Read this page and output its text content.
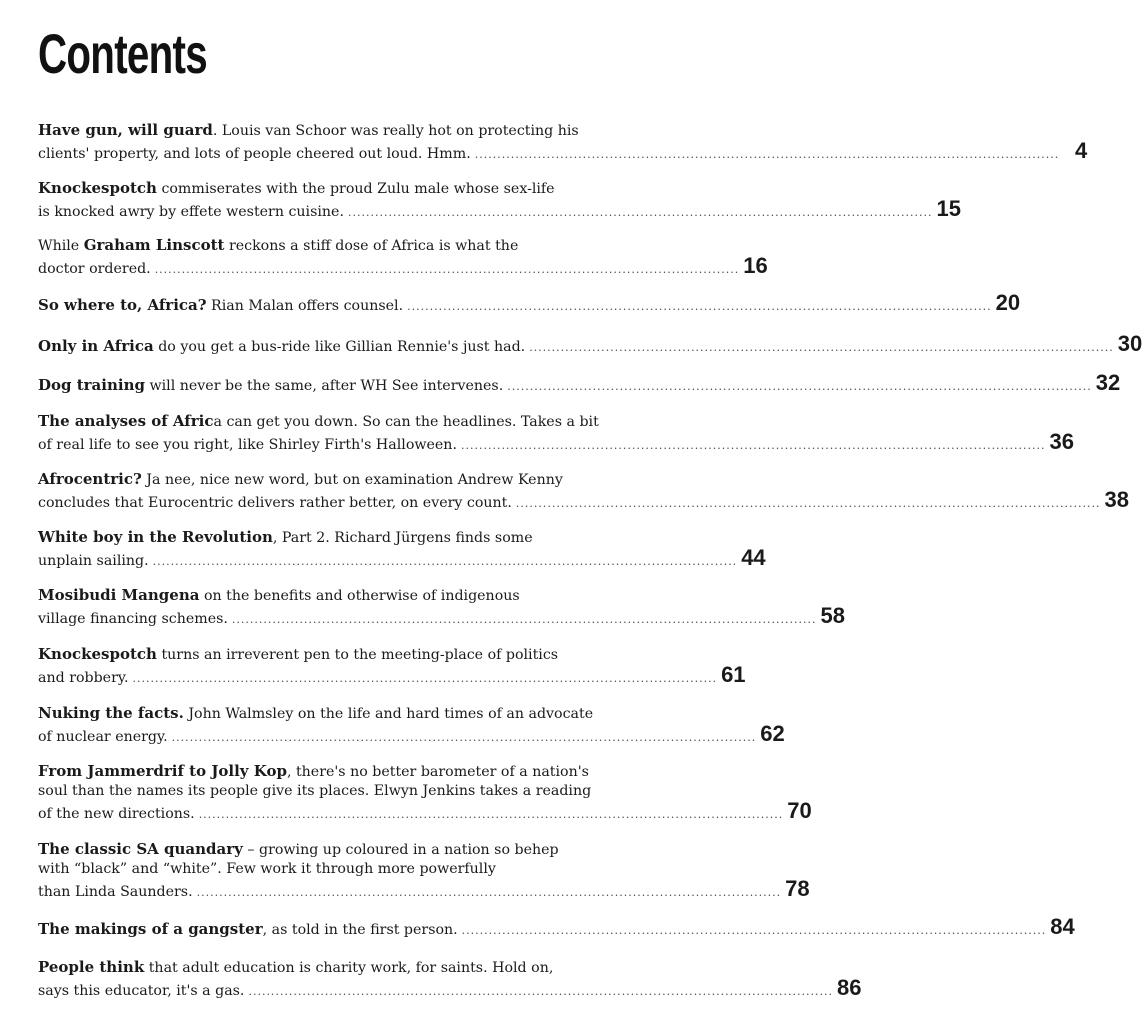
Contents
Have gun, will guard. Louis van Schoor was really hot on protecting his
clients' property, and lots of people cheered out loud. Hmm. .................................................................................................................................. 4
Knockespotch commiserates with the proud Zulu male whose sex-life
is knocked awry by effete western cuisine. .................................................................................................................................. 15
While Graham Linscott reckons a stiff dose of Africa is what the
doctor ordered. .................................................................................................................................. 16
So where to, Africa? Rian Malan offers counsel. .................................................................................................................................. 20
Only in Africa do you get a bus-ride like Gillian Rennie's just had. .................................................................................................................................. 30
Dog training will never be the same, after WH See intervenes. .................................................................................................................................. 32
The analyses of Africa can get you down. So can the headlines. Takes a bit
of real life to see you right, like Shirley Firth's Halloween. .................................................................................................................................. 36
Afrocentric? Ja nee, nice new word, but on examination Andrew Kenny
concludes that Eurocentric delivers rather better, on every count. .................................................................................................................................. 38
White boy in the Revolution, Part 2. Richard Jürgens finds some
unplain sailing. .................................................................................................................................. 44
Mosibudi Mangena on the benefits and otherwise of indigenous
village financing schemes. .................................................................................................................................. 58
Knockespotch turns an irreverent pen to the meeting-place of politics
and robbery. .................................................................................................................................. 61
Nuking the facts. John Walmsley on the life and hard times of an advocate
of nuclear energy. .................................................................................................................................. 62
From Jammerdrif to Jolly Kop, there's no better barometer of a nation's
soul than the names its people give its places. Elwyn Jenkins takes a reading
of the new directions. .................................................................................................................................. 70
The classic SA quandary – growing up coloured in a nation so behep
with “black” and “white”. Few work it through more powerfully
than Linda Saunders. .................................................................................................................................. 78
The makings of a gangster, as told in the first person. .................................................................................................................................. 84
People think that adult education is charity work, for saints. Hold on,
says this educator, it's a gas. .................................................................................................................................. 86
